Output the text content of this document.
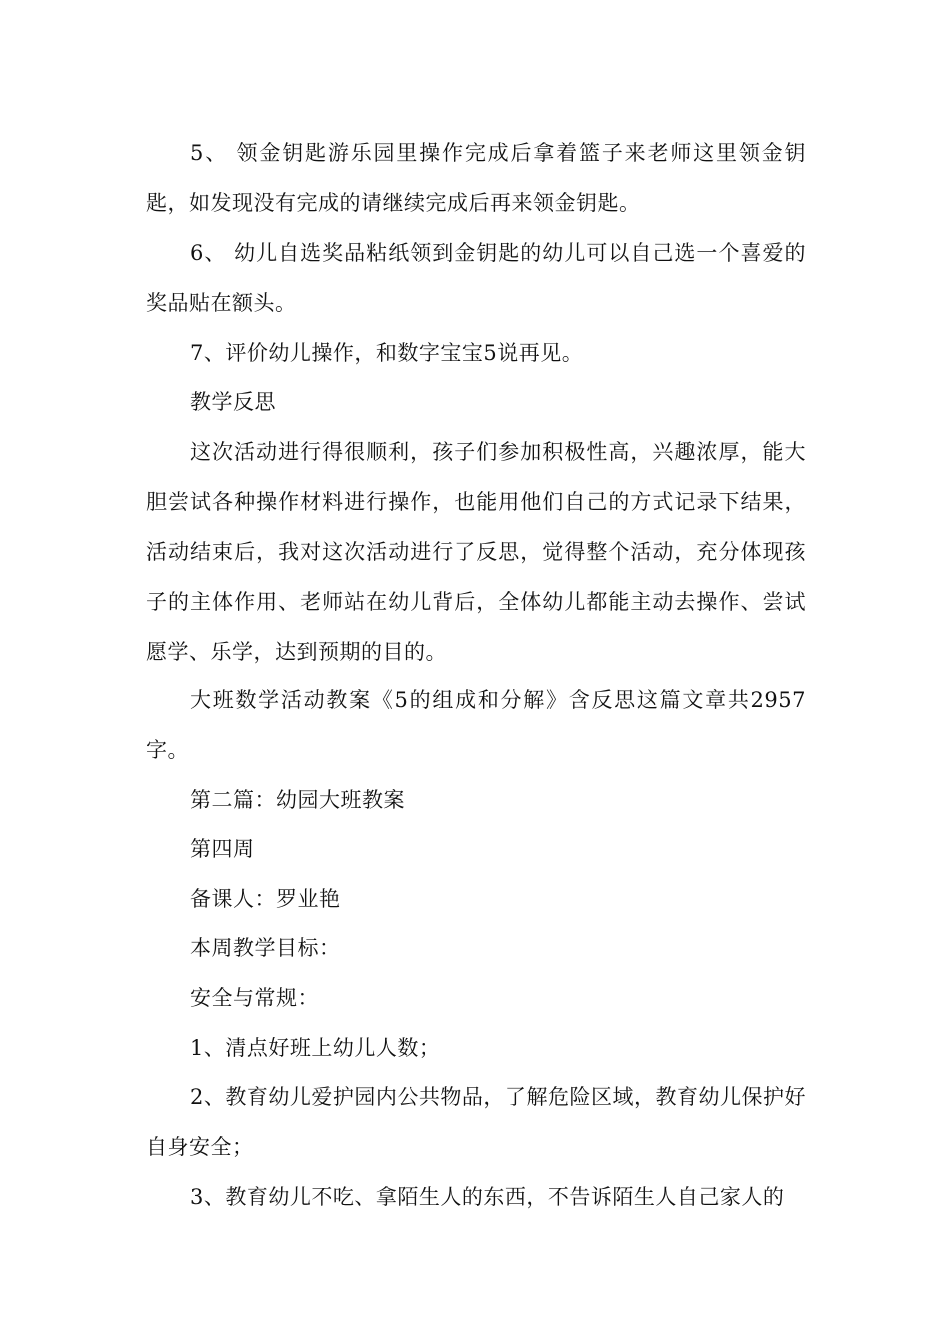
5、 领金钥匙游乐园里操作完成后拿着篮子来老师这里领金钥匙，如发现没有完成的请继续完成后再来领金钥匙。

6、 幼儿自选奖品粘纸领到金钥匙的幼儿可以自己选一个喜爱的奖品贴在额头。

7、评价幼儿操作，和数字宝宝5说再见。

教学反思

这次活动进行得很顺利，孩子们参加积极性高，兴趣浓厚，能大胆尝试各种操作材料进行操作，也能用他们自己的方式记录下结果，活动结束后，我对这次活动进行了反思，觉得整个活动，充分体现孩子的主体作用、老师站在幼儿背后，全体幼儿都能主动去操作、尝试愿学、乐学，达到预期的目的。

大班数学活动教案《5的组成和分解》含反思这篇文章共2957字。

第二篇：幼园大班教案

第四周

备课人：罗业艳

本周教学目标：

安全与常规：

1、清点好班上幼儿人数；

2、教育幼儿爱护园内公共物品，了解危险区域，教育幼儿保护好自身安全；

3、教育幼儿不吃、拿陌生人的东西，不告诉陌生人自己家人的
